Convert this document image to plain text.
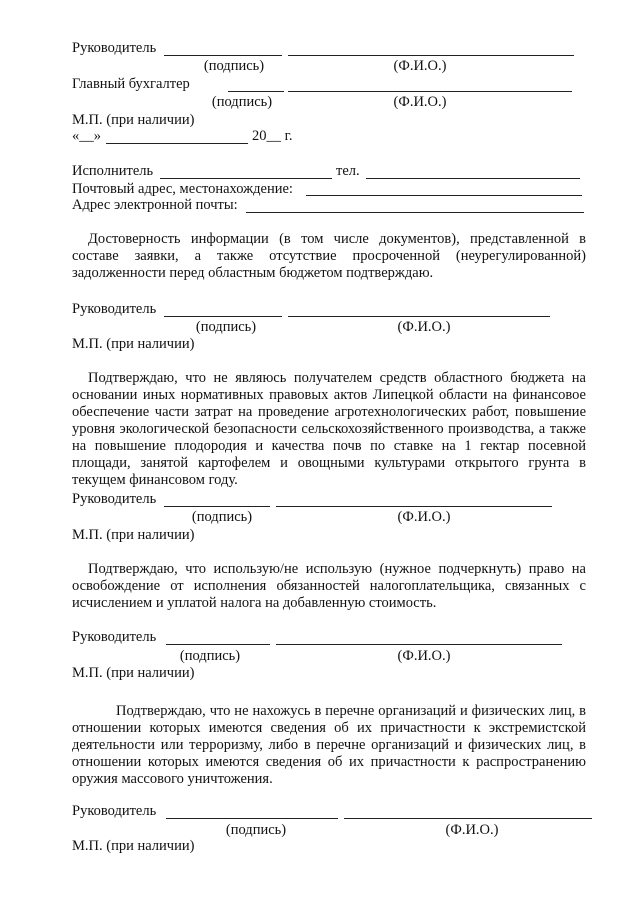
Руководитель
(подпись)	(Ф.И.О.)
Главный бухгалтер
(подпись)	(Ф.И.О.)
М.П. (при наличии)
«__»	20__ г.
Исполнитель	тел.
Почтовый адрес, местонахождение:
Адрес электронной почты:
Достоверность информации (в том числе документов), представленной в составе заявки, а также отсутствие просроченной (неурегулированной) задолженности перед областным бюджетом подтверждаю.
Руководитель
(подпись)	(Ф.И.О.)
М.П. (при наличии)
Подтверждаю, что не являюсь получателем средств областного бюджета на основании иных нормативных правовых актов Липецкой области на финансовое обеспечение части затрат на проведение агротехнологических работ, повышение уровня экологической безопасности сельскохозяйственного производства, а также на повышение плодородия и качества почв по ставке на 1 гектар посевной площади, занятой картофелем и овощными культурами открытого грунта в текущем финансовом году.
Руководитель
(подпись)	(Ф.И.О.)
М.П. (при наличии)
Подтверждаю, что использую/не использую (нужное подчеркнуть) право на освобождение от исполнения обязанностей налогоплательщика, связанных с исчислением и уплатой налога на добавленную стоимость.
Руководитель
(подпись)	(Ф.И.О.)
М.П. (при наличии)
Подтверждаю, что не нахожусь в перечне организаций и физических лиц, в отношении которых имеются сведения об их причастности к экстремистской деятельности или терроризму, либо в перечне организаций и физических лиц, в отношении которых имеются сведения об их причастности к распространению оружия массового уничтожения.
Руководитель
(подпись)	(Ф.И.О.)
М.П. (при наличии)
